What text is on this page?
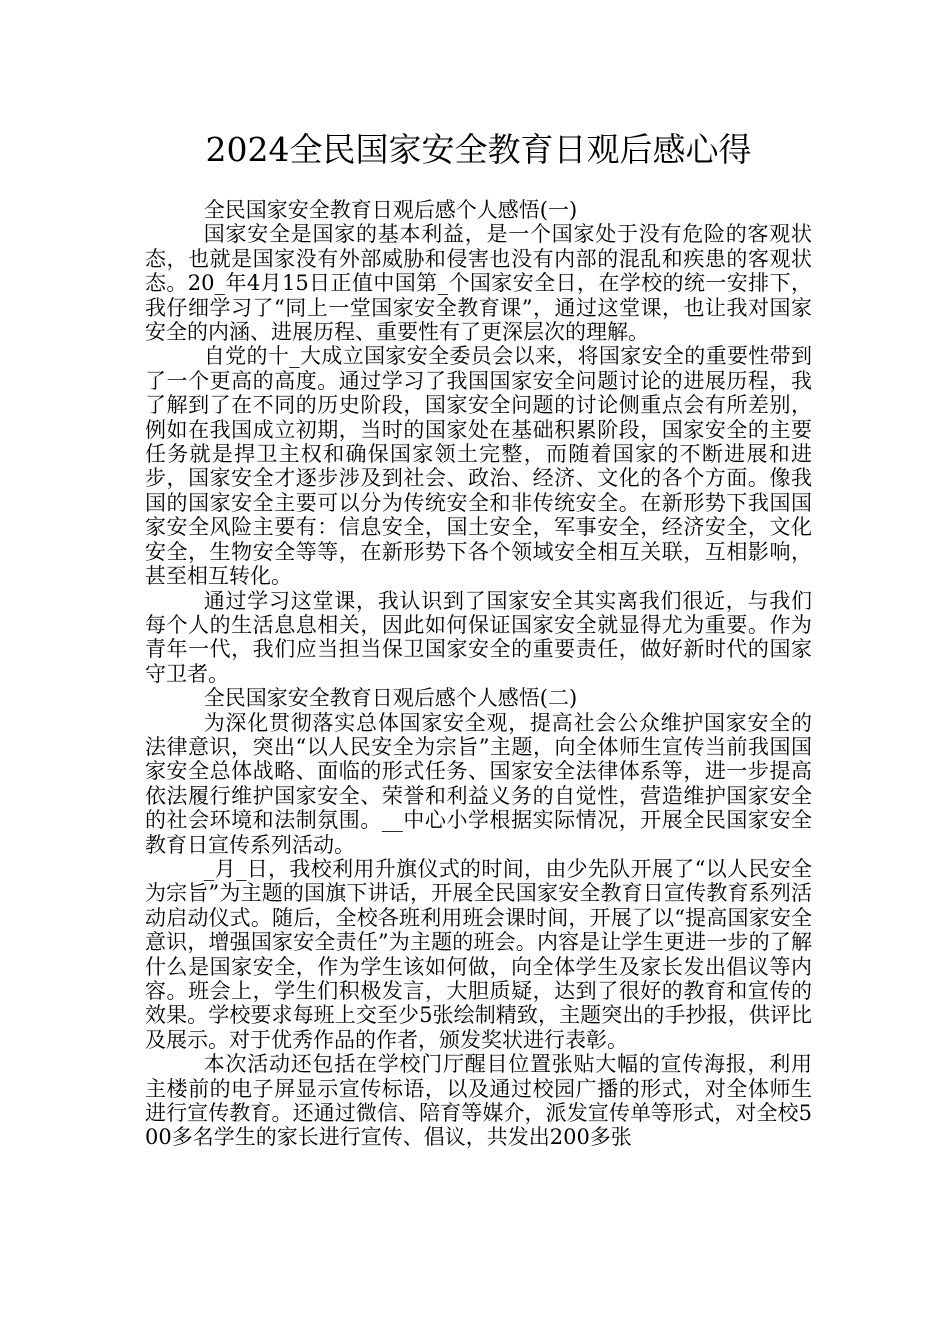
2024全民国家安全教育日观后感心得

全民国家安全教育日观后感个人感悟(一)

国家安全是国家的基本利益，是一个国家处于没有危险的客观状态，也就是国家没有外部威胁和侵害也没有内部的混乱和疾患的客观状态。20_年4月15日正值中国第_个国家安全日，在学校的统一安排下，我仔细学习了“同上一堂国家安全教育课”，通过这堂课，也让我对国家安全的内涵、进展历程、重要性有了更深层次的理解。

自党的十_大成立国家安全委员会以来，将国家安全的重要性带到了一个更高的高度。通过学习了我国国家安全问题讨论的进展历程，我了解到了在不同的历史阶段，国家安全问题的讨论侧重点会有所差别，例如在我国成立初期，当时的国家处在基础积累阶段，国家安全的主要任务就是捍卫主权和确保国家领土完整，而随着国家的不断进展和进步，国家安全才逐步涉及到社会、政治、经济、文化的各个方面。像我国的国家安全主要可以分为传统安全和非传统安全。在新形势下我国国家安全风险主要有：信息安全，国土安全，军事安全，经济安全，文化安全，生物安全等等，在新形势下各个领域安全相互关联，互相影响，甚至相互转化。

通过学习这堂课，我认识到了国家安全其实离我们很近，与我们每个人的生活息息相关，因此如何保证国家安全就显得尤为重要。作为青年一代，我们应当担当保卫国家安全的重要责任，做好新时代的国家守卫者。

全民国家安全教育日观后感个人感悟(二)

为深化贯彻落实总体国家安全观，提高社会公众维护国家安全的法律意识，突出“以人民安全为宗旨”主题，向全体师生宣传当前我国国家安全总体战略、面临的形式任务、国家安全法律体系等，进一步提高依法履行维护国家安全、荣誉和利益义务的自觉性，营造维护国家安全的社会环境和法制氛围。__中心小学根据实际情况，开展全民国家安全教育日宣传系列活动。

_月_日，我校利用升旗仪式的时间，由少先队开展了“以人民安全为宗旨”为主题的国旗下讲话，开展全民国家安全教育日宣传教育系列活动启动仪式。随后，全校各班利用班会课时间，开展了以“提高国家安全意识，增强国家安全责任”为主题的班会。内容是让学生更进一步的了解什么是国家安全，作为学生该如何做，向全体学生及家长发出倡议等内容。班会上，学生们积极发言，大胆质疑，达到了很好的教育和宣传的效果。学校要求每班上交至少5张绘制精致，主题突出的手抄报，供评比及展示。对于优秀作品的作者，颁发奖状进行表彰。

本次活动还包括在学校门厅醒目位置张贴大幅的宣传海报，利用主楼前的电子屏显示宣传标语，以及通过校园广播的形式，对全体师生进行宣传教育。还通过微信、陪育等媒介，派发宣传单等形式，对全校500多名学生的家长进行宣传、倡议，共发出200多张
